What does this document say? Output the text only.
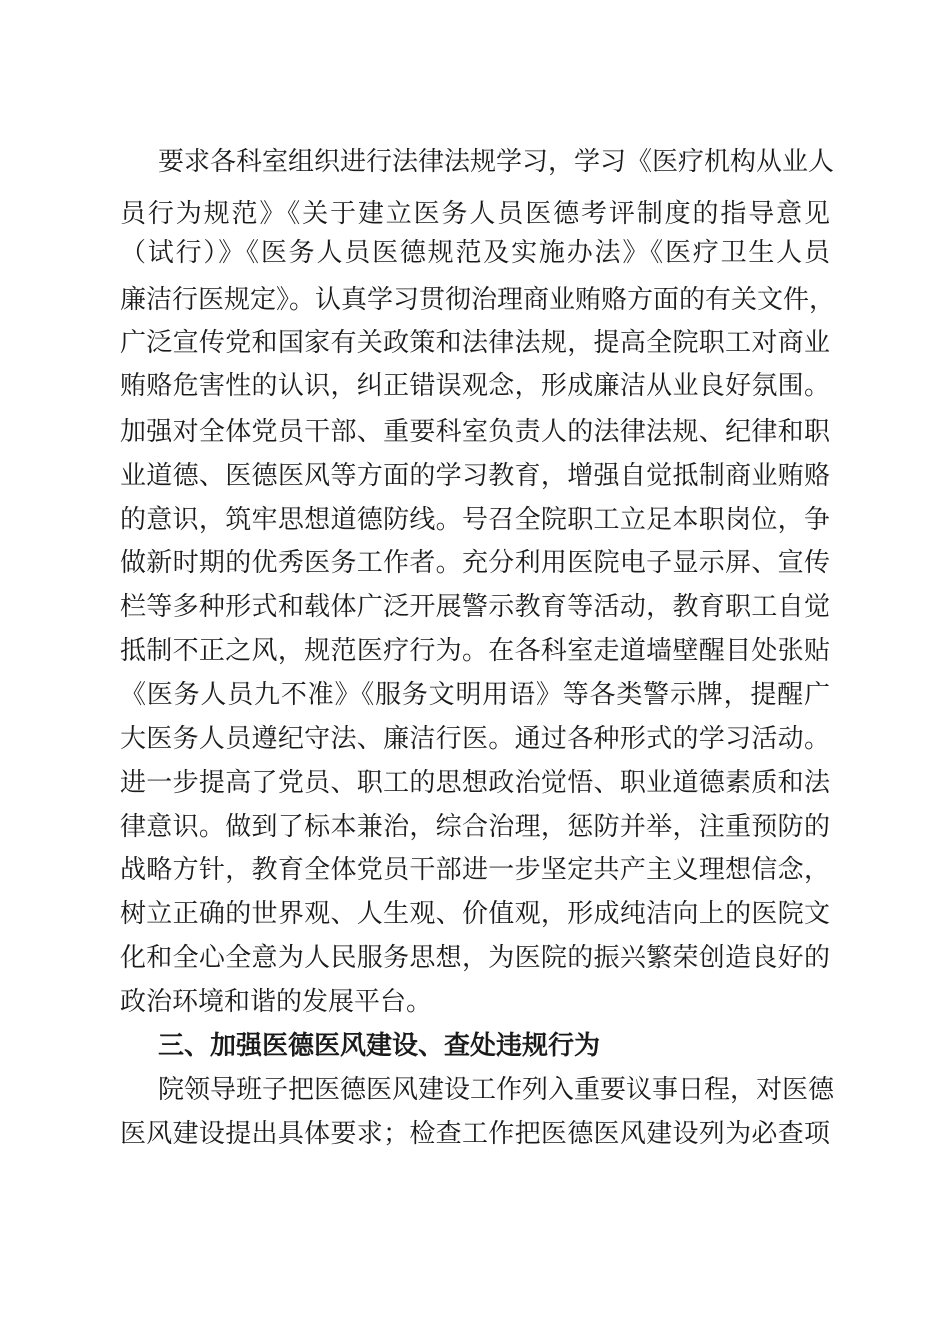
要求各科室组织进行法律法规学习，学习《医疗机构从业人
员行为规范》《关于建立医务人员医德考评制度的指导意见
（试行）》《医务人员医德规范及实施办法》《医疗卫生人员
廉洁行医规定》。认真学习贯彻治理商业贿赂方面的有关文件，
广泛宣传党和国家有关政策和法律法规，提高全院职工对商业
贿赂危害性的认识，纠正错误观念，形成廉洁从业良好氛围。
加强对全体党员干部、重要科室负责人的法律法规、纪律和职
业道德、医德医风等方面的学习教育，增强自觉抵制商业贿赂
的意识，筑牢思想道德防线。号召全院职工立足本职岗位，争
做新时期的优秀医务工作者。充分利用医院电子显示屏、宣传
栏等多种形式和载体广泛开展警示教育等活动，教育职工自觉
抵制不正之风，规范医疗行为。在各科室走道墙壁醒目处张贴
《医务人员九不准》《服务文明用语》等各类警示牌，提醒广
大医务人员遵纪守法、廉洁行医。通过各种形式的学习活动。
进一步提高了党员、职工的思想政治觉悟、职业道德素质和法
律意识。做到了标本兼治，综合治理，惩防并举，注重预防的
战略方针，教育全体党员干部进一步坚定共产主义理想信念，
树立正确的世界观、人生观、价值观，形成纯洁向上的医院文
化和全心全意为人民服务思想，为医院的振兴繁荣创造良好的
政治环境和谐的发展平台。
三、加强医德医风建设、查处违规行为
院领导班子把医德医风建设工作列入重要议事日程，对医德
医风建设提出具体要求；检查工作把医德医风建设列为必查项
